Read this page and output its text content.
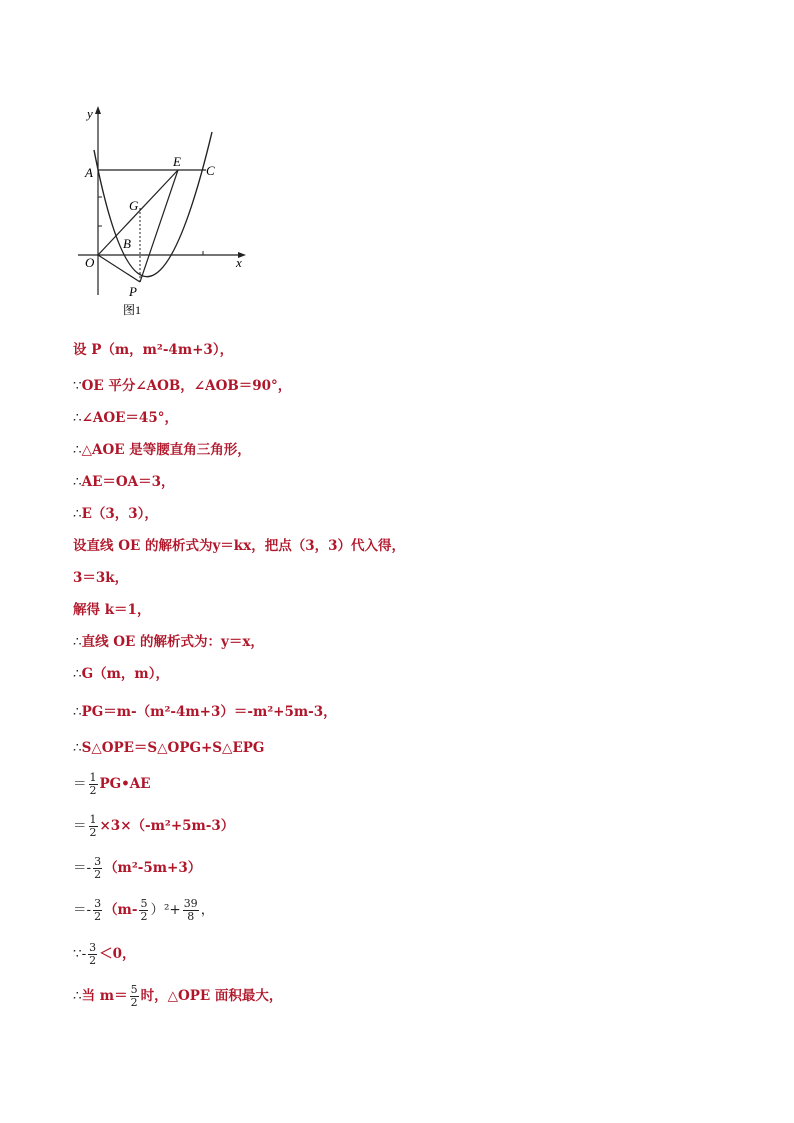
y
x
O
A
E
C
G
B
P
图1
设 P（m，m²-4m+3），
∵OE 平分∠AOB，∠AOB＝90°，
∴∠AOE＝45°，
∴△AOE 是等腰直角三角形，
∴AE＝OA＝3，
∴E（3，3），
设直线 OE 的解析式为y＝kx，把点（3，3）代入得，
3＝3k，
解得 k＝1，
∴直线 OE 的解析式为：y＝x，
∴G（m，m），
∴PG＝m-（m²-4m+3）＝-m²+5m-3，
∴S△OPE＝S△OPG+S△EPG
＝ $\frac{1}{2}$ PG•AE
＝ $\frac{1}{2} \times 3\times(-m^2+5m-3)$
＝- $\frac{3}{2} (m^2-5m+3)$
＝- $\frac{3}{2} (m- \frac{5}{2} )^2+ \frac{39}{8}$ ，
∵- $\frac{3}{2} <0$，
∴当 $m= \frac{5}{2}$ 时，△OPE 面积最大，
